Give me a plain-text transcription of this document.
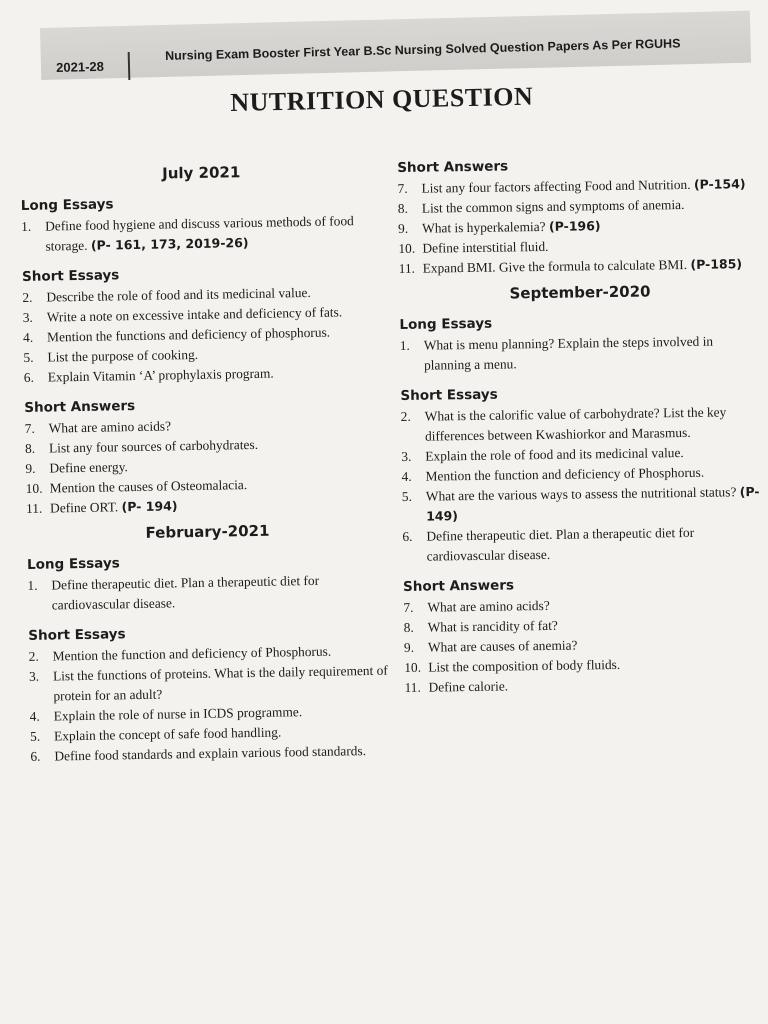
2021-28
Nursing Exam Booster First Year B.Sc Nursing Solved Question Papers As Per RGUHS
NUTRITION QUESTION
July 2021
Long Essays
1.	Define food hygiene and discuss various methods of food storage. (P- 161, 173, 2019-26)
Short Essays
2.	Describe the role of food and its medicinal value.
3.	Write a note on excessive intake and deficiency of fats.
4.	Mention the functions and deficiency of phosphorus.
5.	List the purpose of cooking.
6.	Explain Vitamin ‘A’ prophylaxis program.
Short Answers
7.	What are amino acids?
8.	List any four sources of carbohydrates.
9.	Define energy.
10. Mention the causes of Osteomalacia.
11. Define ORT. (P- 194)
February-2021
Long Essays
1.	Define therapeutic diet. Plan a therapeutic diet for cardiovascular disease.
Short Essays
2.	Mention the function and deficiency of Phosphorus.
3.	List the functions of proteins. What is the daily requirement of protein for an adult?
4.	Explain the role of nurse in ICDS programme.
5.	Explain the concept of safe food handling.
6.	Define food standards and explain various food standards.
Short Answers
7.	List any four factors affecting Food and Nutrition. (P-154)
8.	List the common signs and symptoms of anemia.
9.	What is hyperkalemia? (P-196)
10. Define interstitial fluid.
11. Expand BMI. Give the formula to calculate BMI. (P-185)
September-2020
Long Essays
1.	What is menu planning? Explain the steps involved in planning a menu.
Short Essays
2.	What is the calorific value of carbohydrate? List the key differences between Kwashiorkor and Marasmus.
3.	Explain the role of food and its medicinal value.
4.	Mention the function and deficiency of Phosphorus.
5.	What are the various ways to assess the nutritional status? (P-149)
6.	Define therapeutic diet. Plan a therapeutic diet for cardiovascular disease.
Short Answers
7.	What are amino acids?
8.	What is rancidity of fat?
9.	What are causes of anemia?
10. List the composition of body fluids.
11. Define calorie.
